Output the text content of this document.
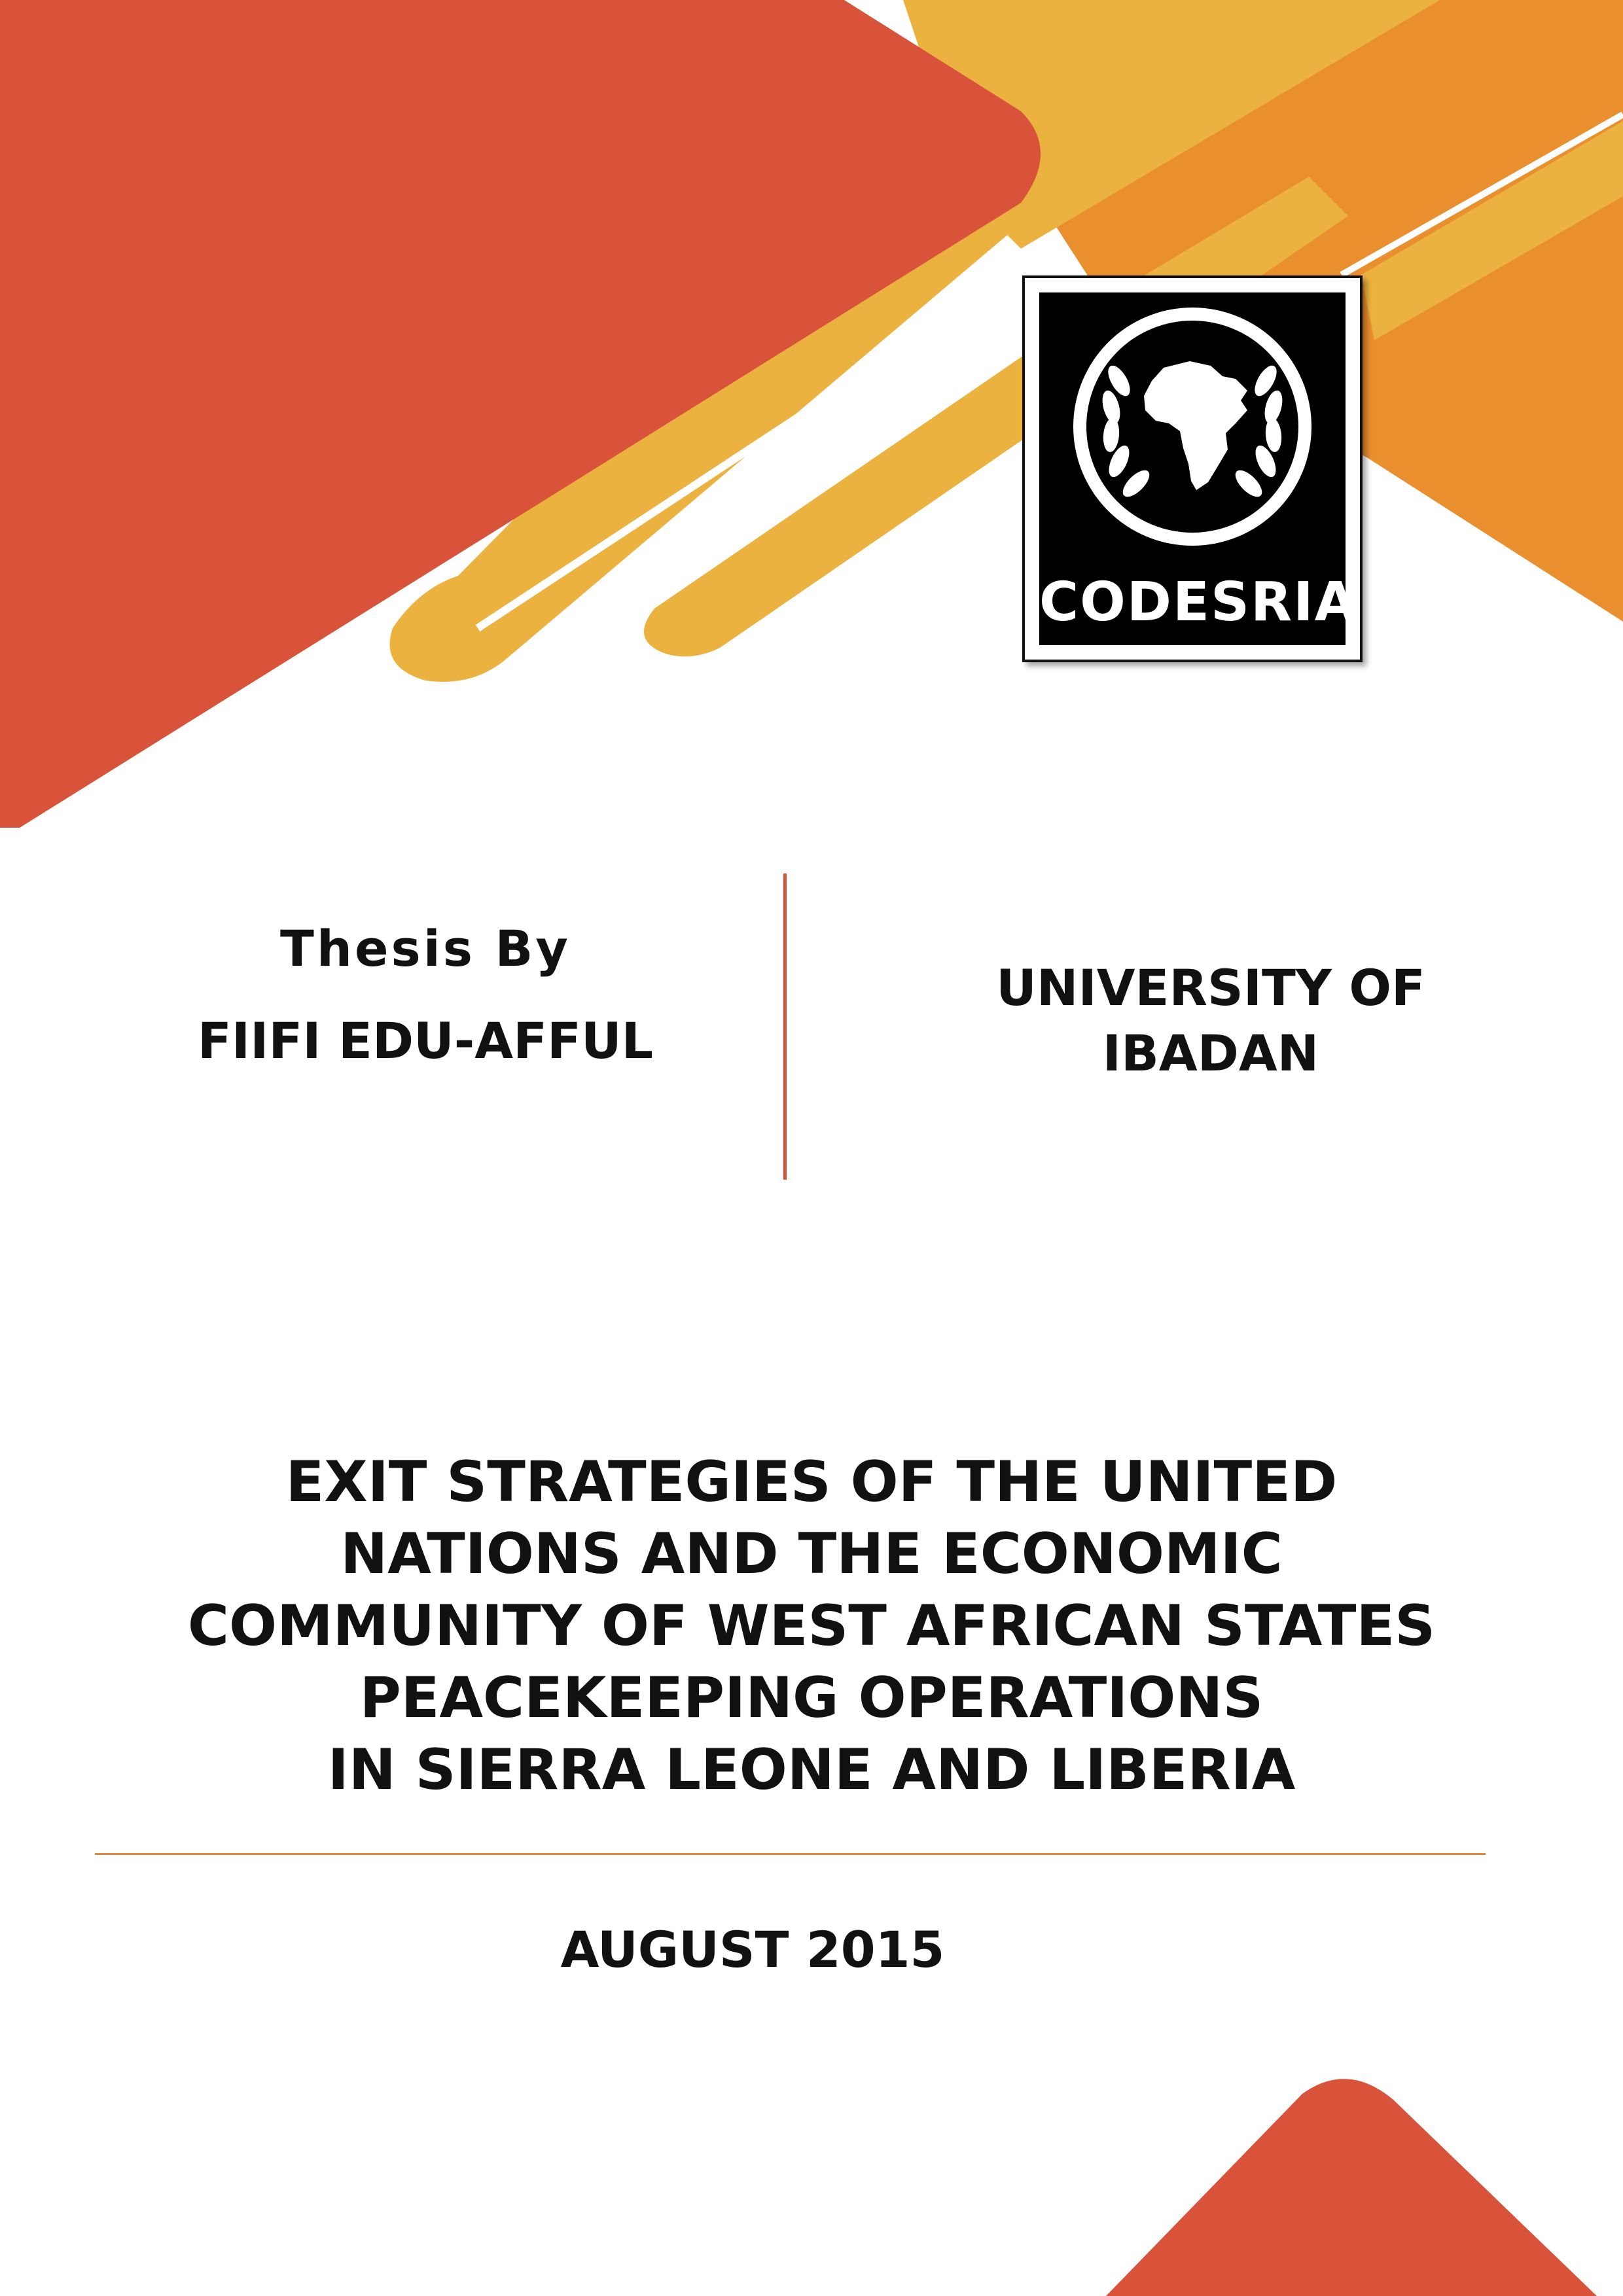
CODESRIA
Thesis By
FIIFI EDU-AFFUL
UNIVERSITY OF
IBADAN
EXIT STRATEGIES OF THE UNITED
NATIONS AND THE ECONOMIC
COMMUNITY OF WEST AFRICAN STATES
PEACEKEEPING OPERATIONS
IN SIERRA LEONE AND LIBERIA
AUGUST 2015
